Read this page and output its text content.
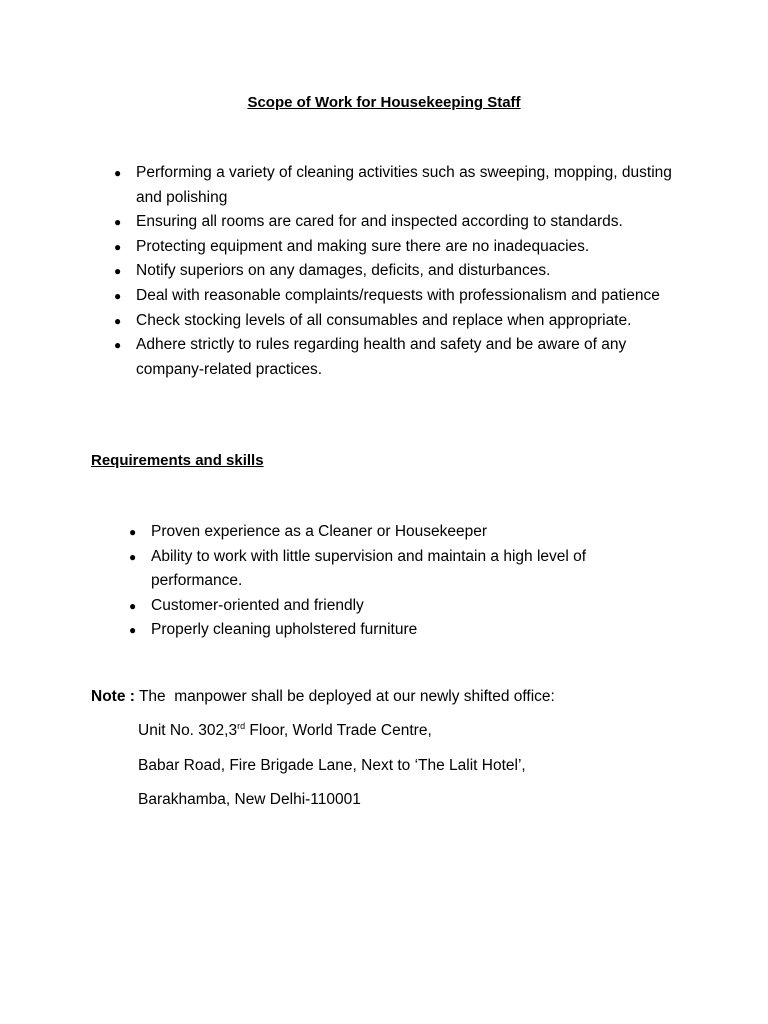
Scope of Work for Housekeeping Staff
● Performing a variety of cleaning activities such as sweeping, mopping, dusting and polishing
● Ensuring all rooms are cared for and inspected according to standards.
● Protecting equipment and making sure there are no inadequacies.
● Notify superiors on any damages, deficits, and disturbances.
● Deal with reasonable complaints/requests with professionalism and patience
● Check stocking levels of all consumables and replace when appropriate.
● Adhere strictly to rules regarding health and safety and be aware of any company-related practices.
Requirements and skills
● Proven experience as a Cleaner or Housekeeper
● Ability to work with little supervision and maintain a high level of performance.
● Customer-oriented and friendly
● Properly cleaning upholstered furniture
Note : The  manpower shall be deployed at our newly shifted office:
Unit No. 302,3rd Floor, World Trade Centre,
Babar Road, Fire Brigade Lane, Next to ‘The Lalit Hotel’,
Barakhamba, New Delhi-110001
